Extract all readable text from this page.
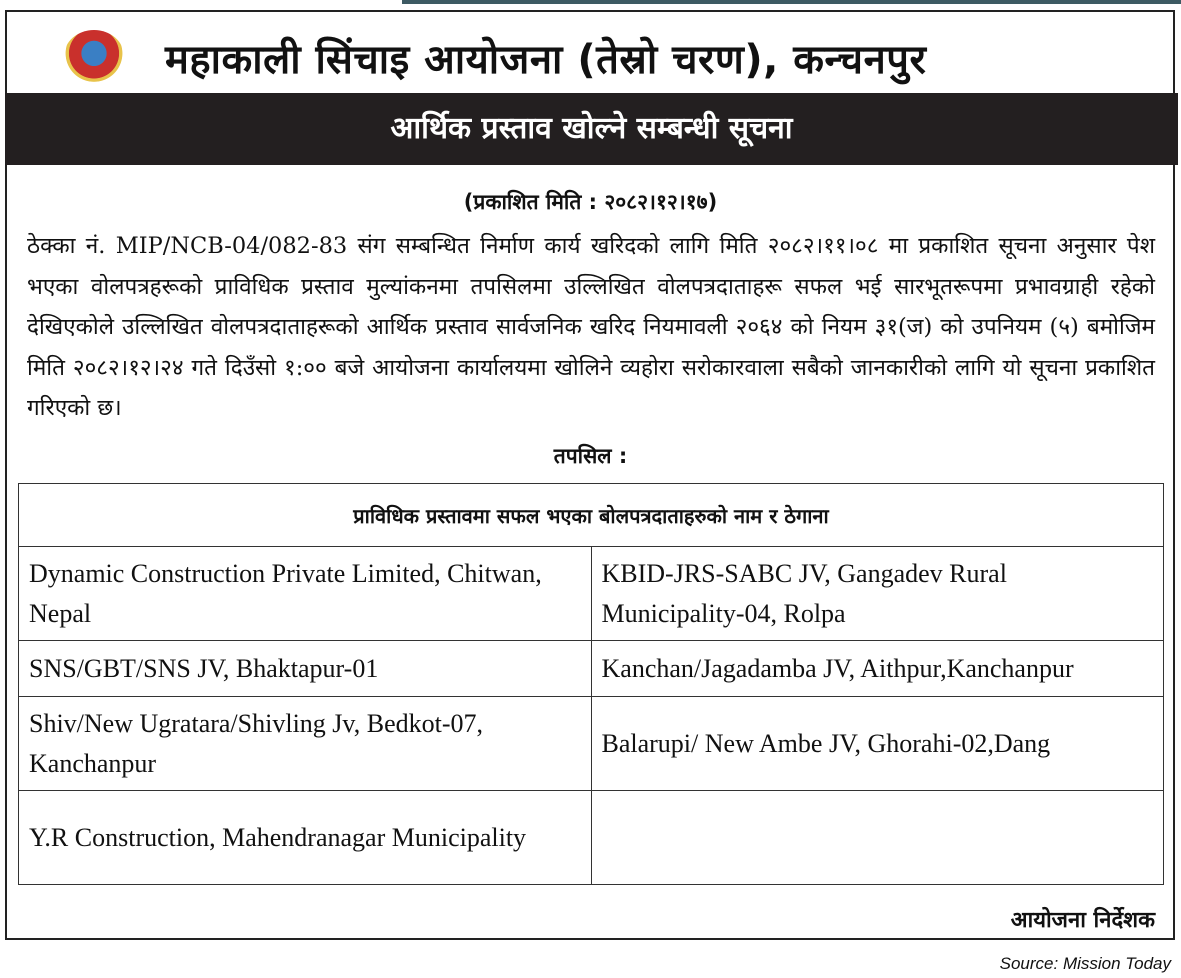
महाकाली सिंचाइ आयोजना (तेस्रो चरण), कन्चनपुर
आर्थिक प्रस्ताव खोल्ने सम्बन्धी सूचना
(प्रकाशित मिति : २०८२।१२।१७)
ठेक्का नं. MIP/NCB-04/082-83 संग सम्बन्धित निर्माण कार्य खरिदको लागि मिति २०८२।११।०८ मा प्रकाशित सूचना अनुसार पेश भएका वोलपत्रहरूको प्राविधिक प्रस्ताव मुल्यांकनमा तपसिलमा उल्लिखित वोलपत्रदाताहरू सफल भई सारभूतरूपमा प्रभावग्राही रहेको देखिएकोले उल्लिखित वोलपत्रदाताहरूको आर्थिक प्रस्ताव सार्वजनिक खरिद नियमावली २०६४ को नियम ३१(ज) को उपनियम (५) बमोजिम मिति २०८२।१२।२४ गते दिउँसो १:०० बजे आयोजना कार्यालयमा खोलिने व्यहोरा सरोकारवाला सबैको जानकारीको लागि यो सूचना प्रकाशित गरिएको छ।
तपसिल :
प्राविधिक प्रस्तावमा सफल भएका बोलपत्रदाताहरुको नाम र ठेगाना	
Dynamic Construction Private Limited, Chitwan, Nepal	KBID-JRS-SABC JV, Gangadev Rural Municipality-04, Rolpa
SNS/GBT/SNS JV, Bhaktapur-01	Kanchan/Jagadamba JV, Aithpur,Kanchanpur
Shiv/New Ugratara/Shivling Jv, Bedkot-07, Kanchanpur	Balarupi/ New Ambe JV, Ghorahi-02,Dang
Y.R Construction, Mahendranagar Municipality	
आयोजना निर्देशक
Source: Mission Today
